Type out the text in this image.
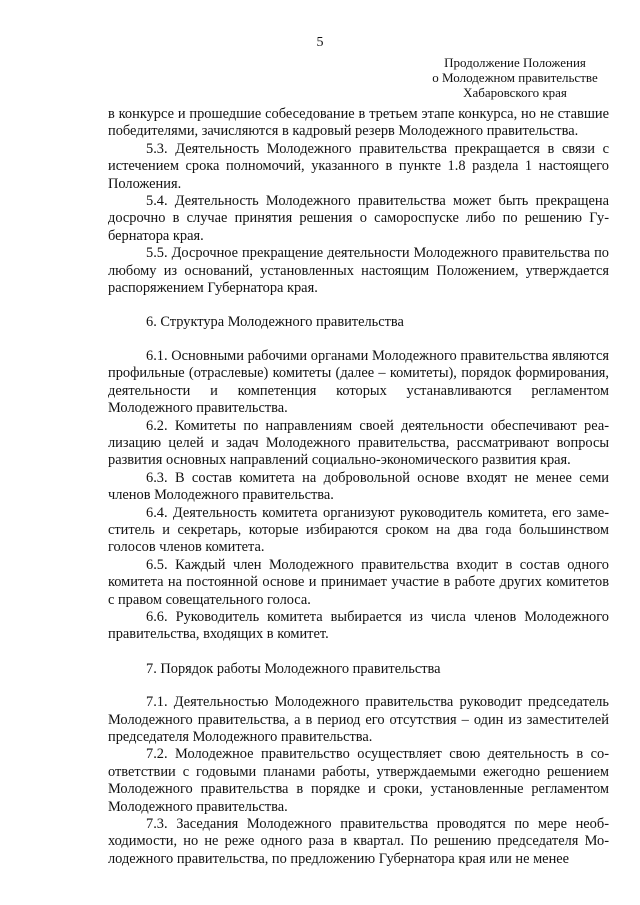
5
Продолжение Положения
о Молодежном правительстве
Хабаровского края

в конкурсе и прошедшие собеседование в третьем этапе конкурса, но не ставшие победителями, зачисляются в кадровый резерв Молодежного правительства.

5.3. Деятельность Молодежного правительства прекращается в связи с истечением срока полномочий, указанного в пункте 1.8 раздела 1 настоящего Положения.

5.4. Деятельность Молодежного правительства может быть прекращена досрочно в случае принятия решения о самороспуске либо по решению Губернатора края.

5.5. Досрочное прекращение деятельности Молодежного правительства по любому из оснований, установленных настоящим Положением, утверждается распоряжением Губернатора края.

6. Структура Молодежного правительства

6.1. Основными рабочими органами Молодежного правительства являются профильные (отраслевые) комитеты (далее – комитеты), порядок формирования, деятельности и компетенция которых устанавливаются регламентом Молодежного правительства.

6.2. Комитеты по направлениям своей деятельности обеспечивают реализацию целей и задач Молодежного правительства, рассматривают вопросы развития основных направлений социально-экономического развития края.

6.3. В состав комитета на добровольной основе входят не менее семи членов Молодежного правительства.

6.4. Деятельность комитета организуют руководитель комитета, его заместитель и секретарь, которые избираются сроком на два года большинством голосов членов комитета.

6.5. Каждый член Молодежного правительства входит в состав одного комитета на постоянной основе и принимает участие в работе других комитетов с правом совещательного голоса.

6.6. Руководитель комитета выбирается из числа членов Молодежного правительства, входящих в комитет.

7. Порядок работы Молодежного правительства

7.1. Деятельностью Молодежного правительства руководит председатель Молодежного правительства, а в период его отсутствия – один из заместителей председателя Молодежного правительства.

7.2. Молодежное правительство осуществляет свою деятельность в соответствии с годовыми планами работы, утверждаемыми ежегодно решением Молодежного правительства в порядке и сроки, установленные регламентом Молодежного правительства.

7.3. Заседания Молодежного правительства проводятся по мере необходимости, но не реже одного раза в квартал. По решению председателя Молодежного правительства, по предложению Губернатора края или не менее
